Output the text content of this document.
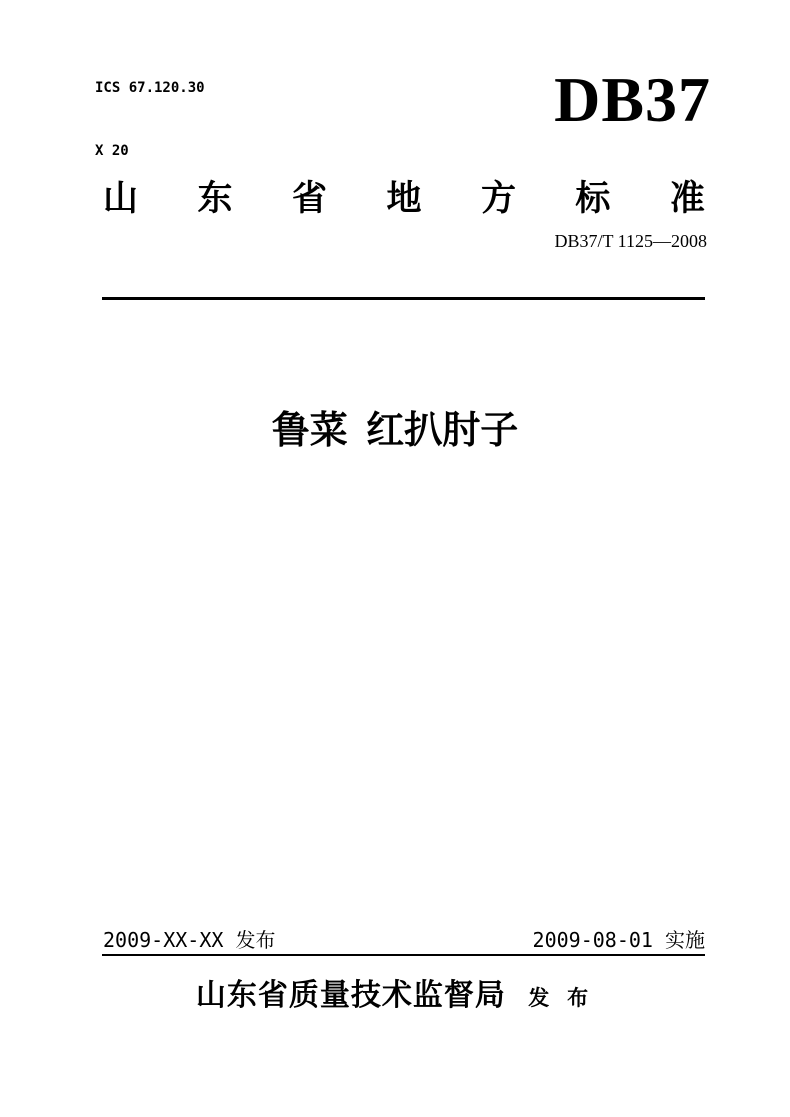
ICS 67.120.30

X 20

DB37
山 东 省 地 方 标 准
DB37/T 1125—2008
鲁菜 红扒肘子
2009-XX-XX 发布	2009-08-01 实施
山东省质量技术监督局 发 布
